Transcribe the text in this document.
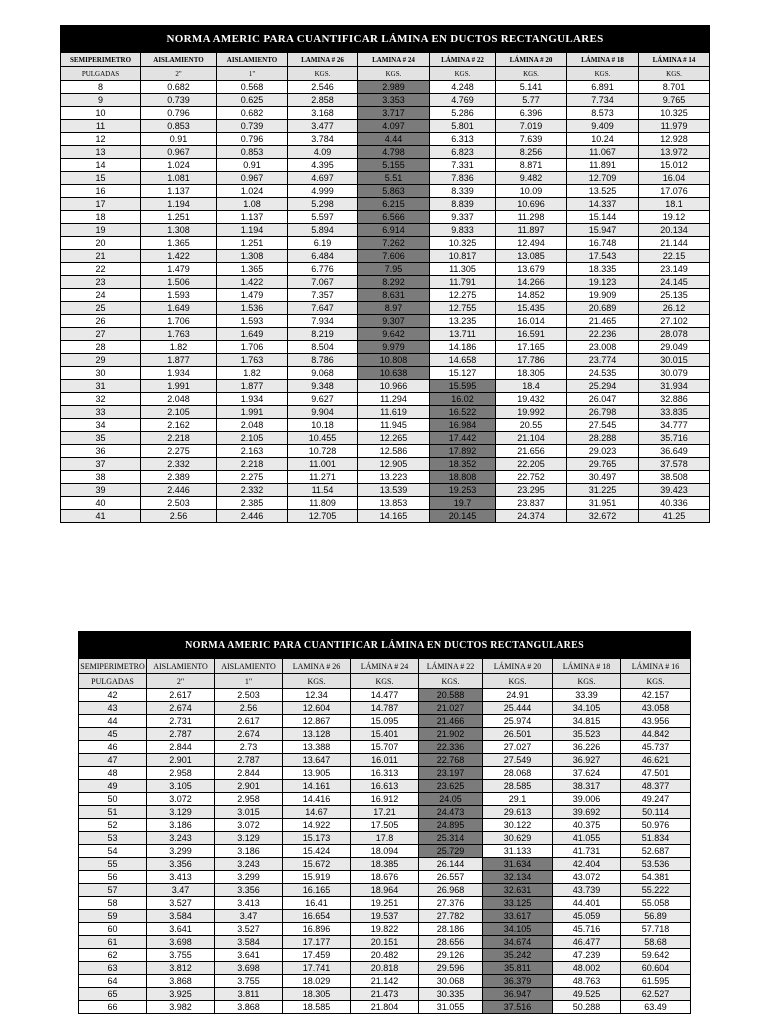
NORMA AMERIC PARA CUANTIFICAR LÁMINA EN DUCTOS RECTANGULARES								
SEMIPERIMETRO	AISLAMIENTO	AISLAMIENTO	LAMINA # 26	LAMINA # 24	LÁMINA # 22	LÁMINA # 20	LÁMINA # 18	LÁMINA # 14
PULGADAS	2"	1"	KGS.	KGS.	KGS.	KGS.	KGS.	KGS.
8	0.682	0.568	2.546	2.989	4.248	5.141	6.891	8.701
9	0.739	0.625	2.858	3.353	4.769	5.77	7.734	9.765
10	0.796	0.682	3.168	3.717	5.286	6.396	8.573	10.325
11	0.853	0.739	3.477	4.097	5.801	7.019	9.409	11.979
12	0.91	0.796	3.784	4.44	6.313	7.639	10.24	12.928
13	0.967	0.853	4.09	4.798	6.823	8.256	11.067	13.972
14	1.024	0.91	4.395	5.155	7.331	8.871	11.891	15.012
15	1.081	0.967	4.697	5.51	7.836	9.482	12.709	16.04
16	1.137	1.024	4.999	5.863	8.339	10.09	13.525	17.076
17	1.194	1.08	5.298	6.215	8.839	10.696	14.337	18.1
18	1.251	1.137	5.597	6.566	9.337	11.298	15.144	19.12
19	1.308	1.194	5.894	6.914	9.833	11.897	15.947	20.134
20	1.365	1.251	6.19	7.262	10.325	12.494	16.748	21.144
21	1.422	1.308	6.484	7.606	10.817	13.085	17.543	22.15
22	1.479	1.365	6.776	7.95	11.305	13.679	18.335	23.149
23	1.506	1.422	7.067	8.292	11.791	14.266	19.123	24.145
24	1.593	1.479	7.357	8.631	12.275	14.852	19.909	25.135
25	1.649	1.536	7.647	8.97	12.755	15.435	20.689	26.12
26	1.706	1.593	7.934	9.307	13.235	16.014	21.465	27.102
27	1.763	1.649	8.219	9.642	13.711	16.591	22.236	28.078
28	1.82	1.706	8.504	9.979	14.186	17.165	23.008	29.049
29	1.877	1.763	8.786	10.808	14.658	17.786	23.774	30.015
30	1.934	1.82	9.068	10.638	15.127	18.305	24.535	30.079
31	1.991	1.877	9.348	10.966	15.595	18.4	25.294	31.934
32	2.048	1.934	9.627	11.294	16.02	19.432	26.047	32.886
33	2.105	1.991	9.904	11.619	16.522	19.992	26.798	33.835
34	2.162	2.048	10.18	11.945	16.984	20.55	27.545	34.777
35	2.218	2.105	10.455	12.265	17.442	21.104	28.288	35.716
36	2.275	2.163	10.728	12.586	17.892	21.656	29.023	36.649
37	2.332	2.218	11.001	12.905	18.352	22.205	29.765	37.578
38	2.389	2.275	11.271	13.223	18.808	22.752	30.497	38.508
39	2.446	2.332	11.54	13.539	19.253	23.295	31.225	39.423
40	2.503	2.385	11.809	13.853	19.7	23.837	31.951	40.336
41	2.56	2.446	12.705	14.165	20.145	24.374	32.672	41.25
NORMA AMERIC PARA CUANTIFICAR LÁMINA EN DUCTOS RECTANGULARES								
SEMIPERIMETRO	AISLAMIENTO	AISLAMIENTO	LAMINA # 26	LÁMINA # 24	LÁMINA # 22	LÁMINA # 20	LÁMINA # 18	LÁMINA # 16
PULGADAS	2"	1"	KGS.	KGS.	KGS.	KGS.	KGS.	KGS.
42	2.617	2.503	12.34	14.477	20.588	24.91	33.39	42.157
43	2.674	2.56	12.604	14.787	21.027	25.444	34.105	43.058
44	2.731	2.617	12.867	15.095	21.466	25.974	34.815	43.956
45	2.787	2.674	13.128	15.401	21.902	26.501	35.523	44.842
46	2.844	2.73	13.388	15.707	22.336	27.027	36.226	45.737
47	2.901	2.787	13.647	16.011	22.768	27.549	36.927	46.621
48	2.958	2.844	13.905	16.313	23.197	28.068	37.624	47.501
49	3.105	2.901	14.161	16.613	23.625	28.585	38.317	48.377
50	3.072	2.958	14.416	16.912	24.05	29.1	39.006	49.247
51	3.129	3.015	14.67	17.21	24.473	29.613	39.692	50.114
52	3.186	3.072	14.922	17.505	24.895	30.122	40.375	50.976
53	3.243	3.129	15.173	17.8	25.314	30.629	41.055	51.834
54	3.299	3.186	15.424	18.094	25.729	31.133	41.731	52.687
55	3.356	3.243	15.672	18.385	26.144	31.634	42.404	53.536
56	3.413	3.299	15.919	18.676	26.557	32.134	43.072	54.381
57	3.47	3.356	16.165	18.964	26.968	32.631	43.739	55.222
58	3.527	3.413	16.41	19.251	27.376	33.125	44.401	55.058
59	3.584	3.47	16.654	19.537	27.782	33.617	45.059	56.89
60	3.641	3.527	16.896	19.822	28.186	34.105	45.716	57.718
61	3.698	3.584	17.177	20.151	28.656	34.674	46.477	58.68
62	3.755	3.641	17.459	20.482	29.126	35.242	47.239	59.642
63	3.812	3.698	17.741	20.818	29.596	35.811	48.002	60.604
64	3.868	3.755	18.029	21.142	30.068	36.379	48.763	61.595
65	3.925	3.811	18.305	21.473	30.335	36.947	49.525	62.527
66	3.982	3.868	18.585	21.804	31.055	37.516	50.288	63.49
